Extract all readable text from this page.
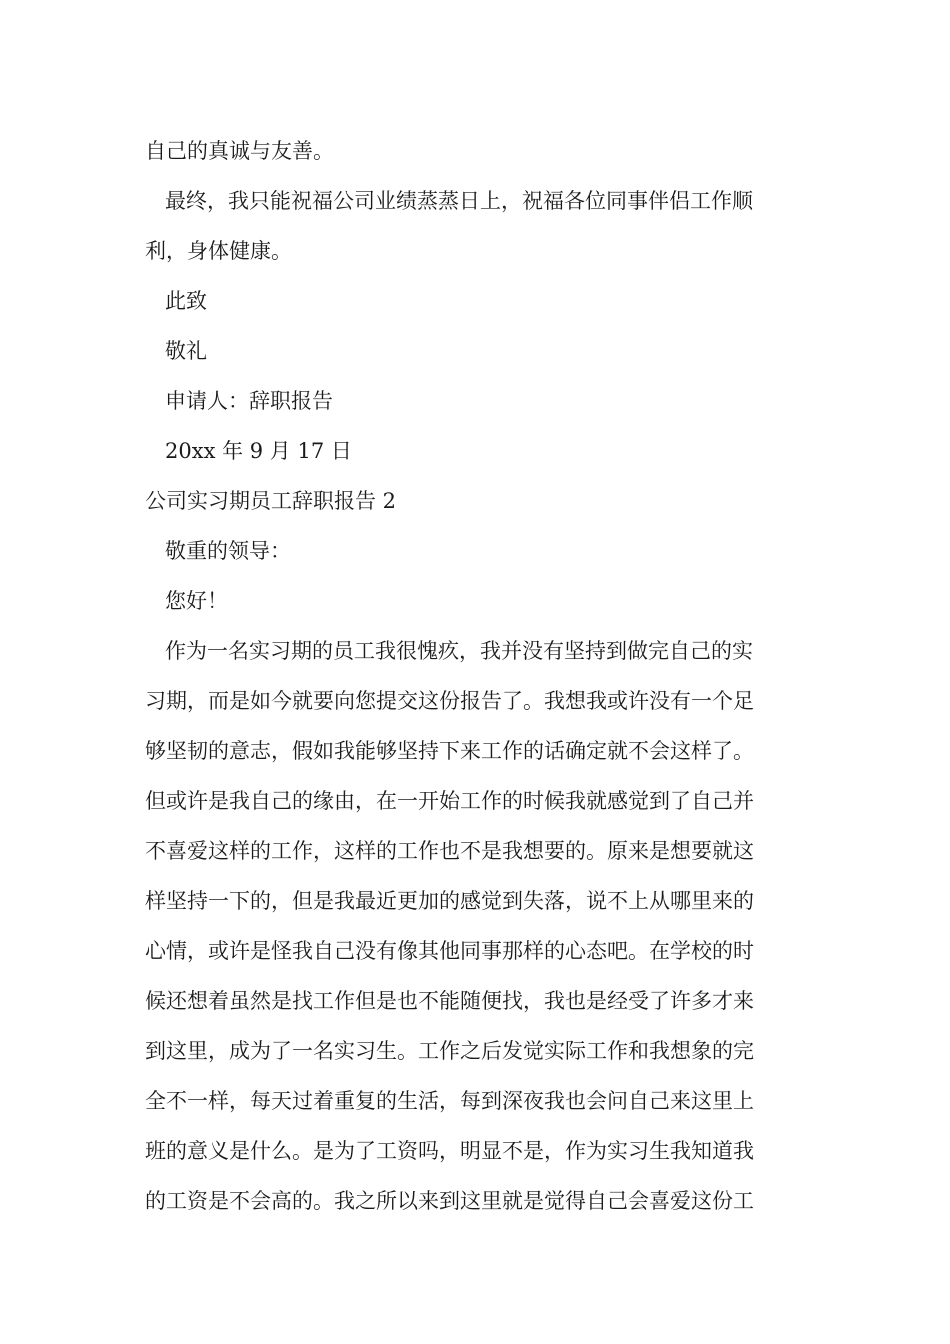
自己的真诚与友善。
最终，我只能祝福公司业绩蒸蒸日上，祝福各位同事伴侣工作顺
利，身体健康。
此致
敬礼
申请人：辞职报告
20xx 年 9 月 17 日
公司实习期员工辞职报告 2
敬重的领导：
您好！
作为一名实习期的员工我很愧疚，我并没有坚持到做完自己的实
习期，而是如今就要向您提交这份报告了。我想我或许没有一个足
够坚韧的意志，假如我能够坚持下来工作的话确定就不会这样了。
但或许是我自己的缘由，在一开始工作的时候我就感觉到了自己并
不喜爱这样的工作，这样的工作也不是我想要的。原来是想要就这
样坚持一下的，但是我最近更加的感觉到失落，说不上从哪里来的
心情，或许是怪我自己没有像其他同事那样的心态吧。在学校的时
候还想着虽然是找工作但是也不能随便找，我也是经受了许多才来
到这里，成为了一名实习生。工作之后发觉实际工作和我想象的完
全不一样，每天过着重复的生活，每到深夜我也会问自己来这里上
班的意义是什么。是为了工资吗，明显不是，作为实习生我知道我
的工资是不会高的。我之所以来到这里就是觉得自己会喜爱这份工
